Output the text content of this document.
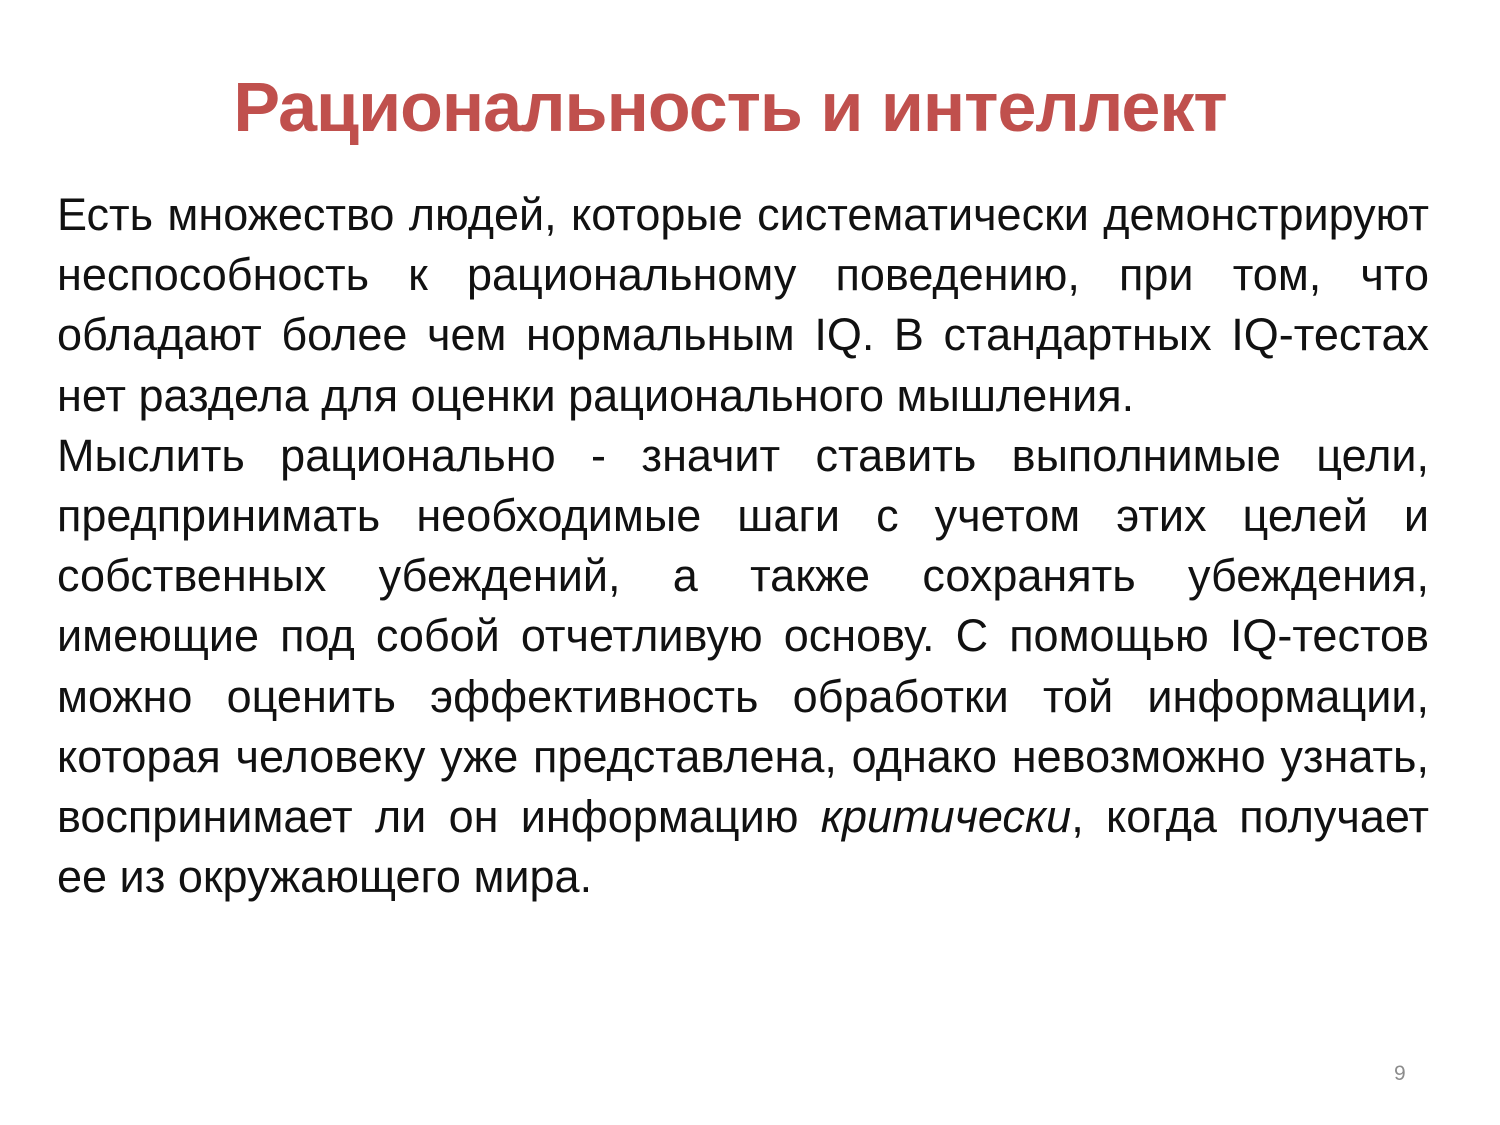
Рациональность и интеллект

Есть множество людей, которые систематически демонстрируют неспособность к рациональному поведению, при том, что обладают более чем нормальным IQ. В стандартных IQ-тестах нет раздела для оценки рационального мышления.

Мыслить рационально - значит ставить выполнимые цели, предпринимать необходимые шаги с учетом этих целей и собственных убеждений, а также сохранять убеждения, имеющие под собой отчетливую основу. С помощью IQ-тестов можно оценить эффективность обработки той информации, которая человеку уже представлена, однако невозможно узнать, воспринимает ли он информацию критически, когда получает ее из окружающего мира.

9
